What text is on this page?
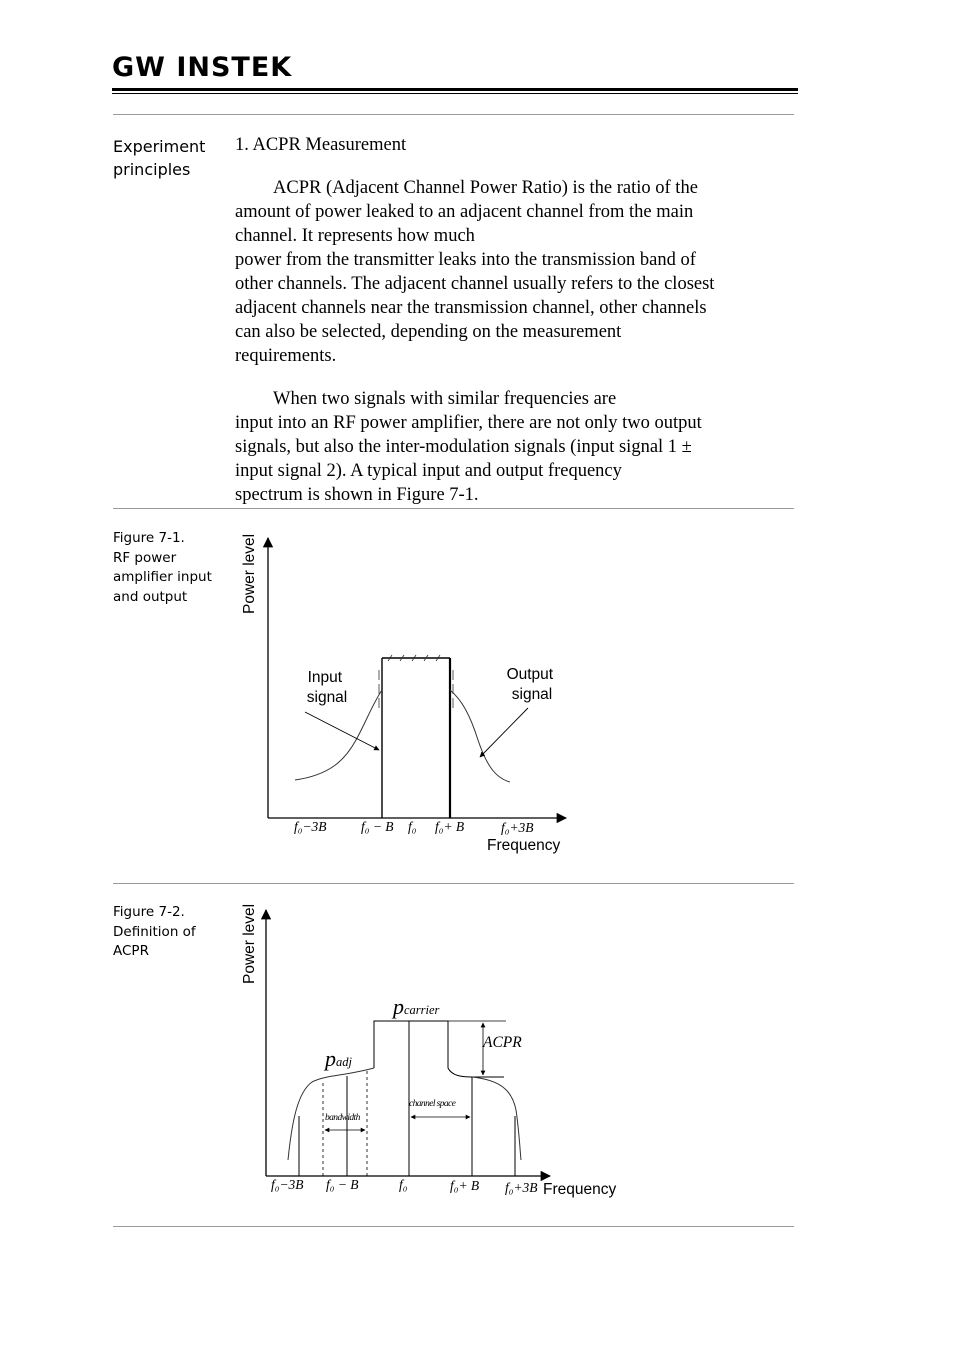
GW INSTEK
Experiment
principles

1. ACPR Measurement

ACPR (Adjacent Channel Power Ratio) is the ratio of the
amount of power leaked to an adjacent channel from the main
channel. It represents how much

power from the transmitter leaks into the transmission band of
other channels. The adjacent channel usually refers to the closest
adjacent channels near the transmission channel, other channels
can also be selected, depending on the measurement
requirements.

When two signals with similar frequencies are

input into an RF power amplifier, there are not only two output
signals, but also the inter-modulation signals (input signal 1 ±
input signal 2). A typical input and output frequency
spectrum is shown in Figure 7-1.

Figure 7-1.
RF power
amplifier input
and output	Power level
Frequency
Input signal
Output signal
f₀−3B	f₀ − B f₀ f₀+ B	f₀+3B
Power level
Frequency
bandwidth
channel space
ACPR
pcarrier
padj
f₀−3B f₀ − B	f₀	f₀+ B f₀+3B
Figure 7-2.
Definition of
ACPR
